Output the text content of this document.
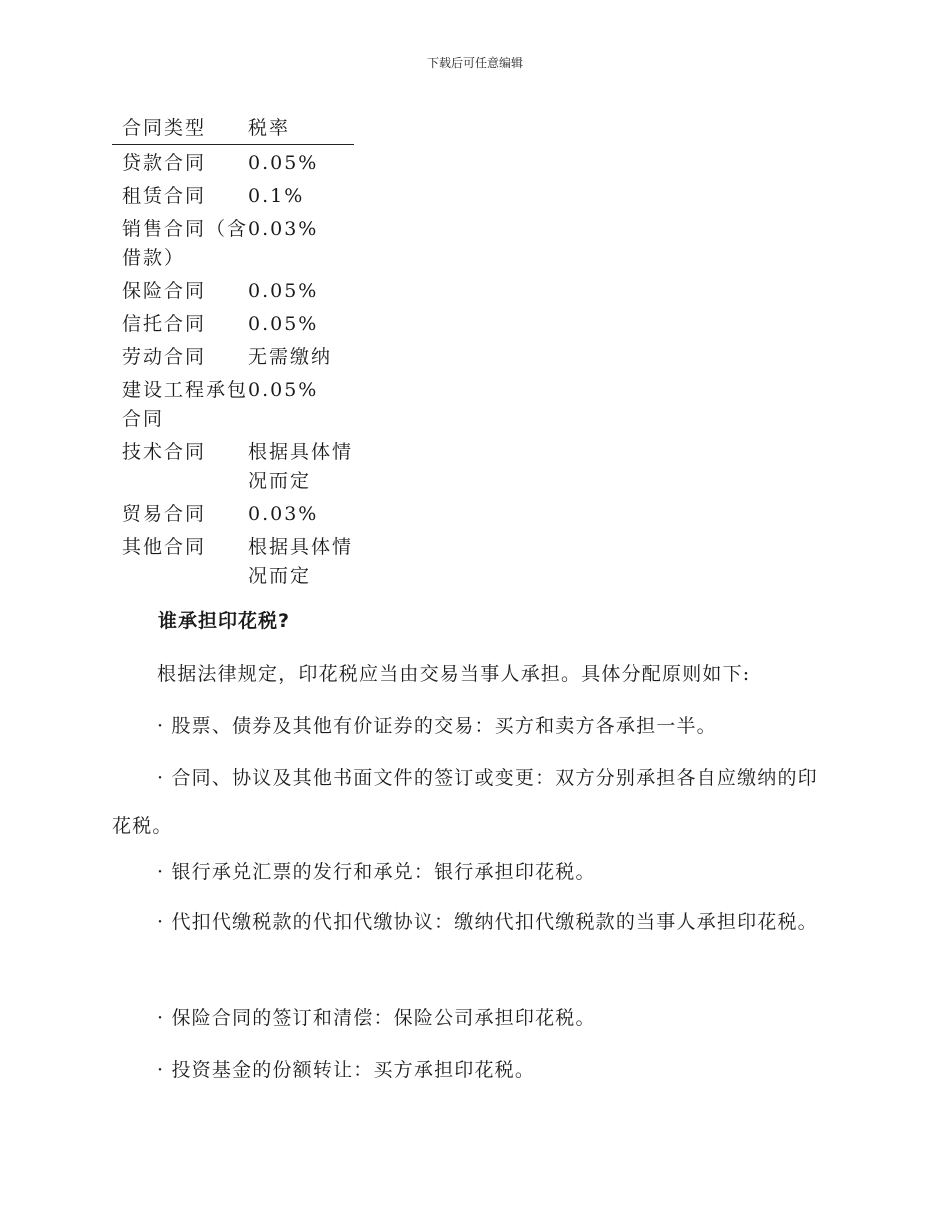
下载后可任意编辑
合同类型	税率
贷款合同	0.05%
租赁合同	0.1%
销售合同（含借款）	0.03%
保险合同	0.05%
信托合同	0.05%
劳动合同	无需缴纳
建设工程承包合同	0.05%
技术合同	根据具体情况而定
贸易合同	0.03%
其他合同	根据具体情况而定
谁承担印花税?

根据法律规定，印花税应当由交易当事人承担。具体分配原则如下:

· 股票、债券及其他有价证券的交易：买方和卖方各承担一半。

· 合同、协议及其他书面文件的签订或变更：双方分别承担各自应缴纳的印花税。

· 银行承兑汇票的发行和承兑：银行承担印花税。

· 代扣代缴税款的代扣代缴协议：缴纳代扣代缴税款的当事人承担印花税。

· 保险合同的签订和清偿：保险公司承担印花税。

· 投资基金的份额转让：买方承担印花税。
